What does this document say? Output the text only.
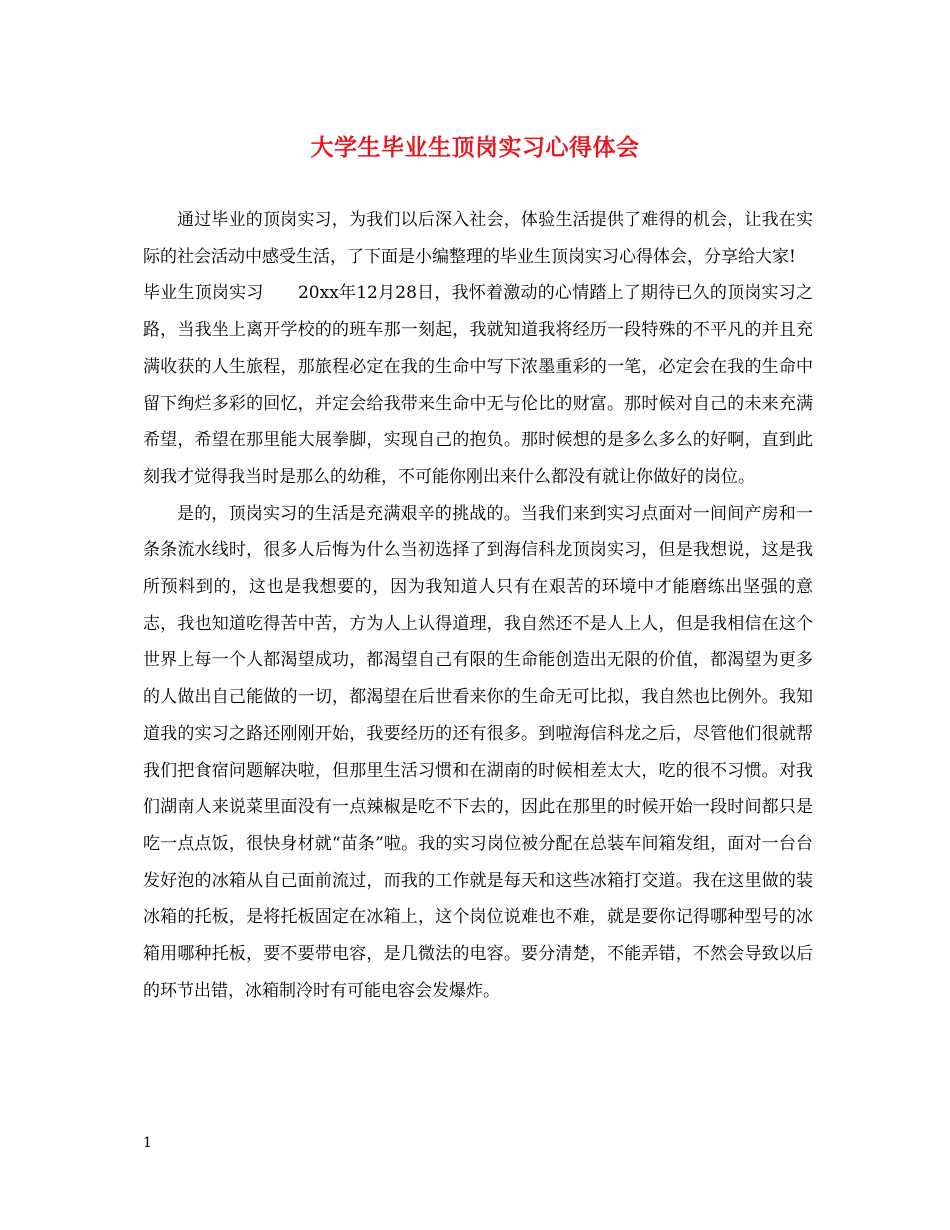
大学生毕业生顶岗实习心得体会

通过毕业的顶岗实习，为我们以后深入社会，体验生活提供了难得的机会，让我在实际的社会活动中感受生活，了下面是小编整理的毕业生顶岗实习心得体会，分享给大家!

毕业生顶岗实习　　20xx年12月28日，我怀着激动的心情踏上了期待已久的顶岗实习之路，当我坐上离开学校的的班车那一刻起，我就知道我将经历一段特殊的不平凡的并且充满收获的人生旅程，那旅程必定在我的生命中写下浓墨重彩的一笔，必定会在我的生命中留下绚烂多彩的回忆，并定会给我带来生命中无与伦比的财富。那时候对自己的未来充满希望，希望在那里能大展拳脚，实现自己的抱负。那时候想的是多么多么的好啊，直到此刻我才觉得我当时是那么的幼稚，不可能你刚出来什么都没有就让你做好的岗位。

是的，顶岗实习的生活是充满艰辛的挑战的。当我们来到实习点面对一间间产房和一条条流水线时，很多人后悔为什么当初选择了到海信科龙顶岗实习，但是我想说，这是我所预料到的，这也是我想要的，因为我知道人只有在艰苦的环境中才能磨练出坚强的意志，我也知道吃得苦中苦，方为人上认得道理，我自然还不是人上人，但是我相信在这个世界上每一个人都渴望成功，都渴望自己有限的生命能创造出无限的价值，都渴望为更多的人做出自己能做的一切，都渴望在后世看来你的生命无可比拟，我自然也比例外。我知道我的实习之路还刚刚开始，我要经历的还有很多。到啦海信科龙之后，尽管他们很就帮我们把食宿问题解决啦，但那里生活习惯和在湖南的时候相差太大，吃的很不习惯。对我们湖南人来说菜里面没有一点辣椒是吃不下去的，因此在那里的时候开始一段时间都只是吃一点点饭，很快身材就“苗条”啦。我的实习岗位被分配在总装车间箱发组，面对一台台发好泡的冰箱从自己面前流过，而我的工作就是每天和这些冰箱打交道。我在这里做的装冰箱的托板，是将托板固定在冰箱上，这个岗位说难也不难，就是要你记得哪种型号的冰箱用哪种托板，要不要带电容，是几微法的电容。要分清楚，不能弄错，不然会导致以后的环节出错，冰箱制冷时有可能电容会发爆炸。

1
